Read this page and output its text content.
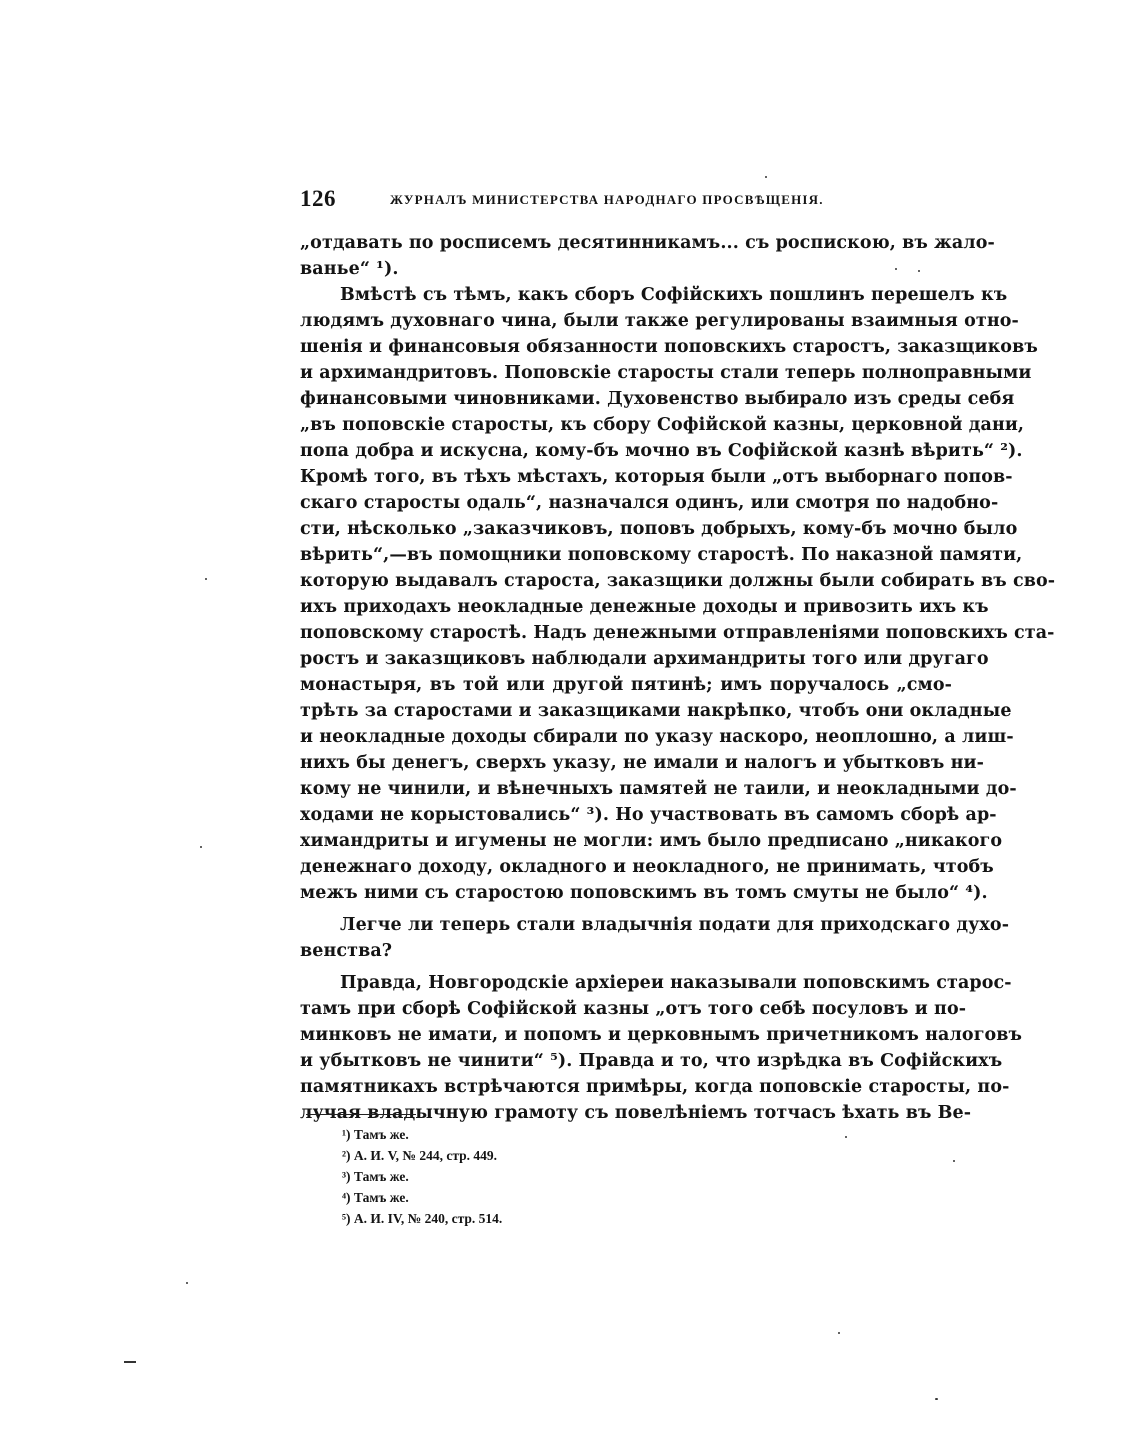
126	ЖУРНАЛЪ МИНИСТЕРСТВА НАРОДНАГО ПРОСВѢЩЕНІЯ.
„отдавать по росписемъ десятинникамъ... съ роспискою, въ жало-
ванье“ ¹).
Вмѣстѣ съ тѣмъ, какъ сборъ Софійскихъ пошлинъ перешелъ къ
людямъ духовнаго чина, были также регулированы взаимныя отно-
шенія и финансовыя обязанности поповскихъ старостъ, заказщиковъ
и архимандритовъ. Поповскіе старосты стали теперь полноправными
финансовыми чиновниками. Духовенство выбирало изъ среды себя
„въ поповскіе старосты, къ сбору Софійской казны, церковной дани,
попа добра и искусна, кому-бъ мочно въ Софійской казнѣ вѣрить“ ²).
Кромѣ того, въ тѣхъ мѣстахъ, которыя были „отъ выборнаго попов-
скаго старосты одаль“, назначался одинъ, или смотря по надобно-
сти, нѣсколько „заказчиковъ, поповъ добрыхъ, кому-бъ мочно было
вѣрить“,—въ помощники поповскому старостѣ. По наказной памяти,
которую выдавалъ староста, заказщики должны были собирать въ сво-
ихъ приходахъ неокладные денежные доходы и привозить ихъ къ
поповскому старостѣ. Надъ денежными отправленіями поповскихъ ста-
ростъ и заказщиковъ наблюдали архимандриты того или другаго
монастыря, въ той или другой пятинѣ; имъ поручалось „смо-
трѣть за старостами и заказщиками накрѣпко, чтобъ они окладные
и неокладные доходы сбирали по указу наскоро, неоплошно, а лиш-
нихъ бы денегъ, сверхъ указу, не имали и налогъ и убытковъ ни-
кому не чинили, и вѣнечныхъ памятей не таили, и неокладными до-
ходами не корыстовались“ ³). Но участвовать въ самомъ сборѣ ар-
химандриты и игумены не могли: имъ было предписано „никакого
денежнаго доходу, окладного и неокладного, не принимать, чтобъ
межъ ними съ старостою поповскимъ въ томъ смуты не было“ ⁴).
Легче ли теперь стали владычнія подати для приходскаго духо-
венства?
Правда, Новгородскіе архіереи наказывали поповскимъ старос-
тамъ при сборѣ Софійской казны „отъ того себѣ посуловъ и по-
минковъ не имати, и попомъ и церковнымъ причетникомъ налоговъ
и убытковъ не чинити“ ⁵). Правда и то, что изрѣдка въ Софійскихъ
памятникахъ встрѣчаются примѣры, когда поповскіе старосты, по-
лучая владычную грамоту съ повелѣніемъ тотчасъ ѣхать въ Ве-
¹) Тамъ же.
²) А. И. V, № 244, стр. 449.
³) Тамъ же.
⁴) Тамъ же.
⁵) А. И. IV, № 240, стр. 514.
